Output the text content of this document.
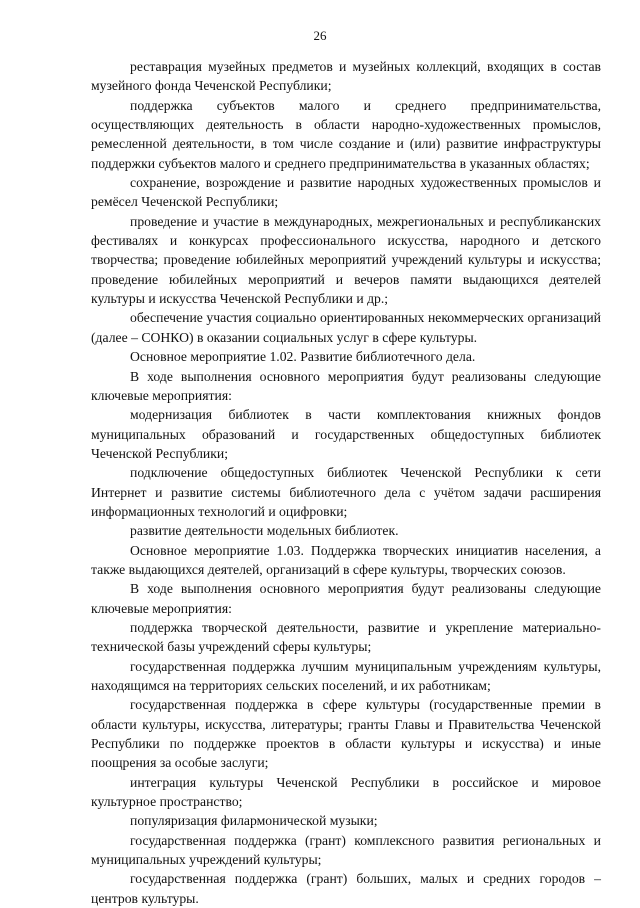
26

реставрация музейных предметов и музейных коллекций, входящих в состав музейного фонда Чеченской Республики;

поддержка субъектов малого и среднего предпринимательства, осуществляющих деятельность в области народно-художественных промыслов, ремесленной деятельности, в том числе создание и (или) развитие инфраструктуры поддержки субъектов малого и среднего предпринимательства в указанных областях;

сохранение, возрождение и развитие народных художественных промыслов и ремёсел Чеченской Республики;

проведение и участие в международных, межрегиональных и республиканских фестивалях и конкурсах профессионального искусства, народного и детского творчества; проведение юбилейных мероприятий учреждений культуры и искусства; проведение юбилейных мероприятий и вечеров памяти выдающихся деятелей культуры и искусства Чеченской Республики и др.;

обеспечение участия социально ориентированных некоммерческих организаций (далее – СОНКО) в оказании социальных услуг в сфере культуры.

Основное мероприятие 1.02. Развитие библиотечного дела.

В ходе выполнения основного мероприятия будут реализованы следующие ключевые мероприятия:

модернизация библиотек в части комплектования книжных фондов муниципальных образований и государственных общедоступных библиотек Чеченской Республики;

подключение общедоступных библиотек Чеченской Республики к сети Интернет и развитие системы библиотечного дела с учётом задачи расширения информационных технологий и оцифровки;

развитие деятельности модельных библиотек.

Основное мероприятие 1.03. Поддержка творческих инициатив населения, а также выдающихся деятелей, организаций в сфере культуры, творческих союзов.

В ходе выполнения основного мероприятия будут реализованы следующие ключевые мероприятия:

поддержка творческой деятельности, развитие и укрепление материально-технической базы учреждений сферы культуры;

государственная поддержка лучшим муниципальным учреждениям культуры, находящимся на территориях сельских поселений, и их работникам;

государственная поддержка в сфере культуры (государственные премии в области культуры, искусства, литературы; гранты Главы и Правительства Чеченской Республики по поддержке проектов в области культуры и искусства) и иные поощрения за особые заслуги;

интеграция культуры Чеченской Республики в российское и мировое культурное пространство;

популяризация филармонической музыки;

государственная поддержка (грант) комплексного развития региональных и муниципальных учреждений культуры;

государственная поддержка (грант) больших, малых и средних городов – центров культуры.
